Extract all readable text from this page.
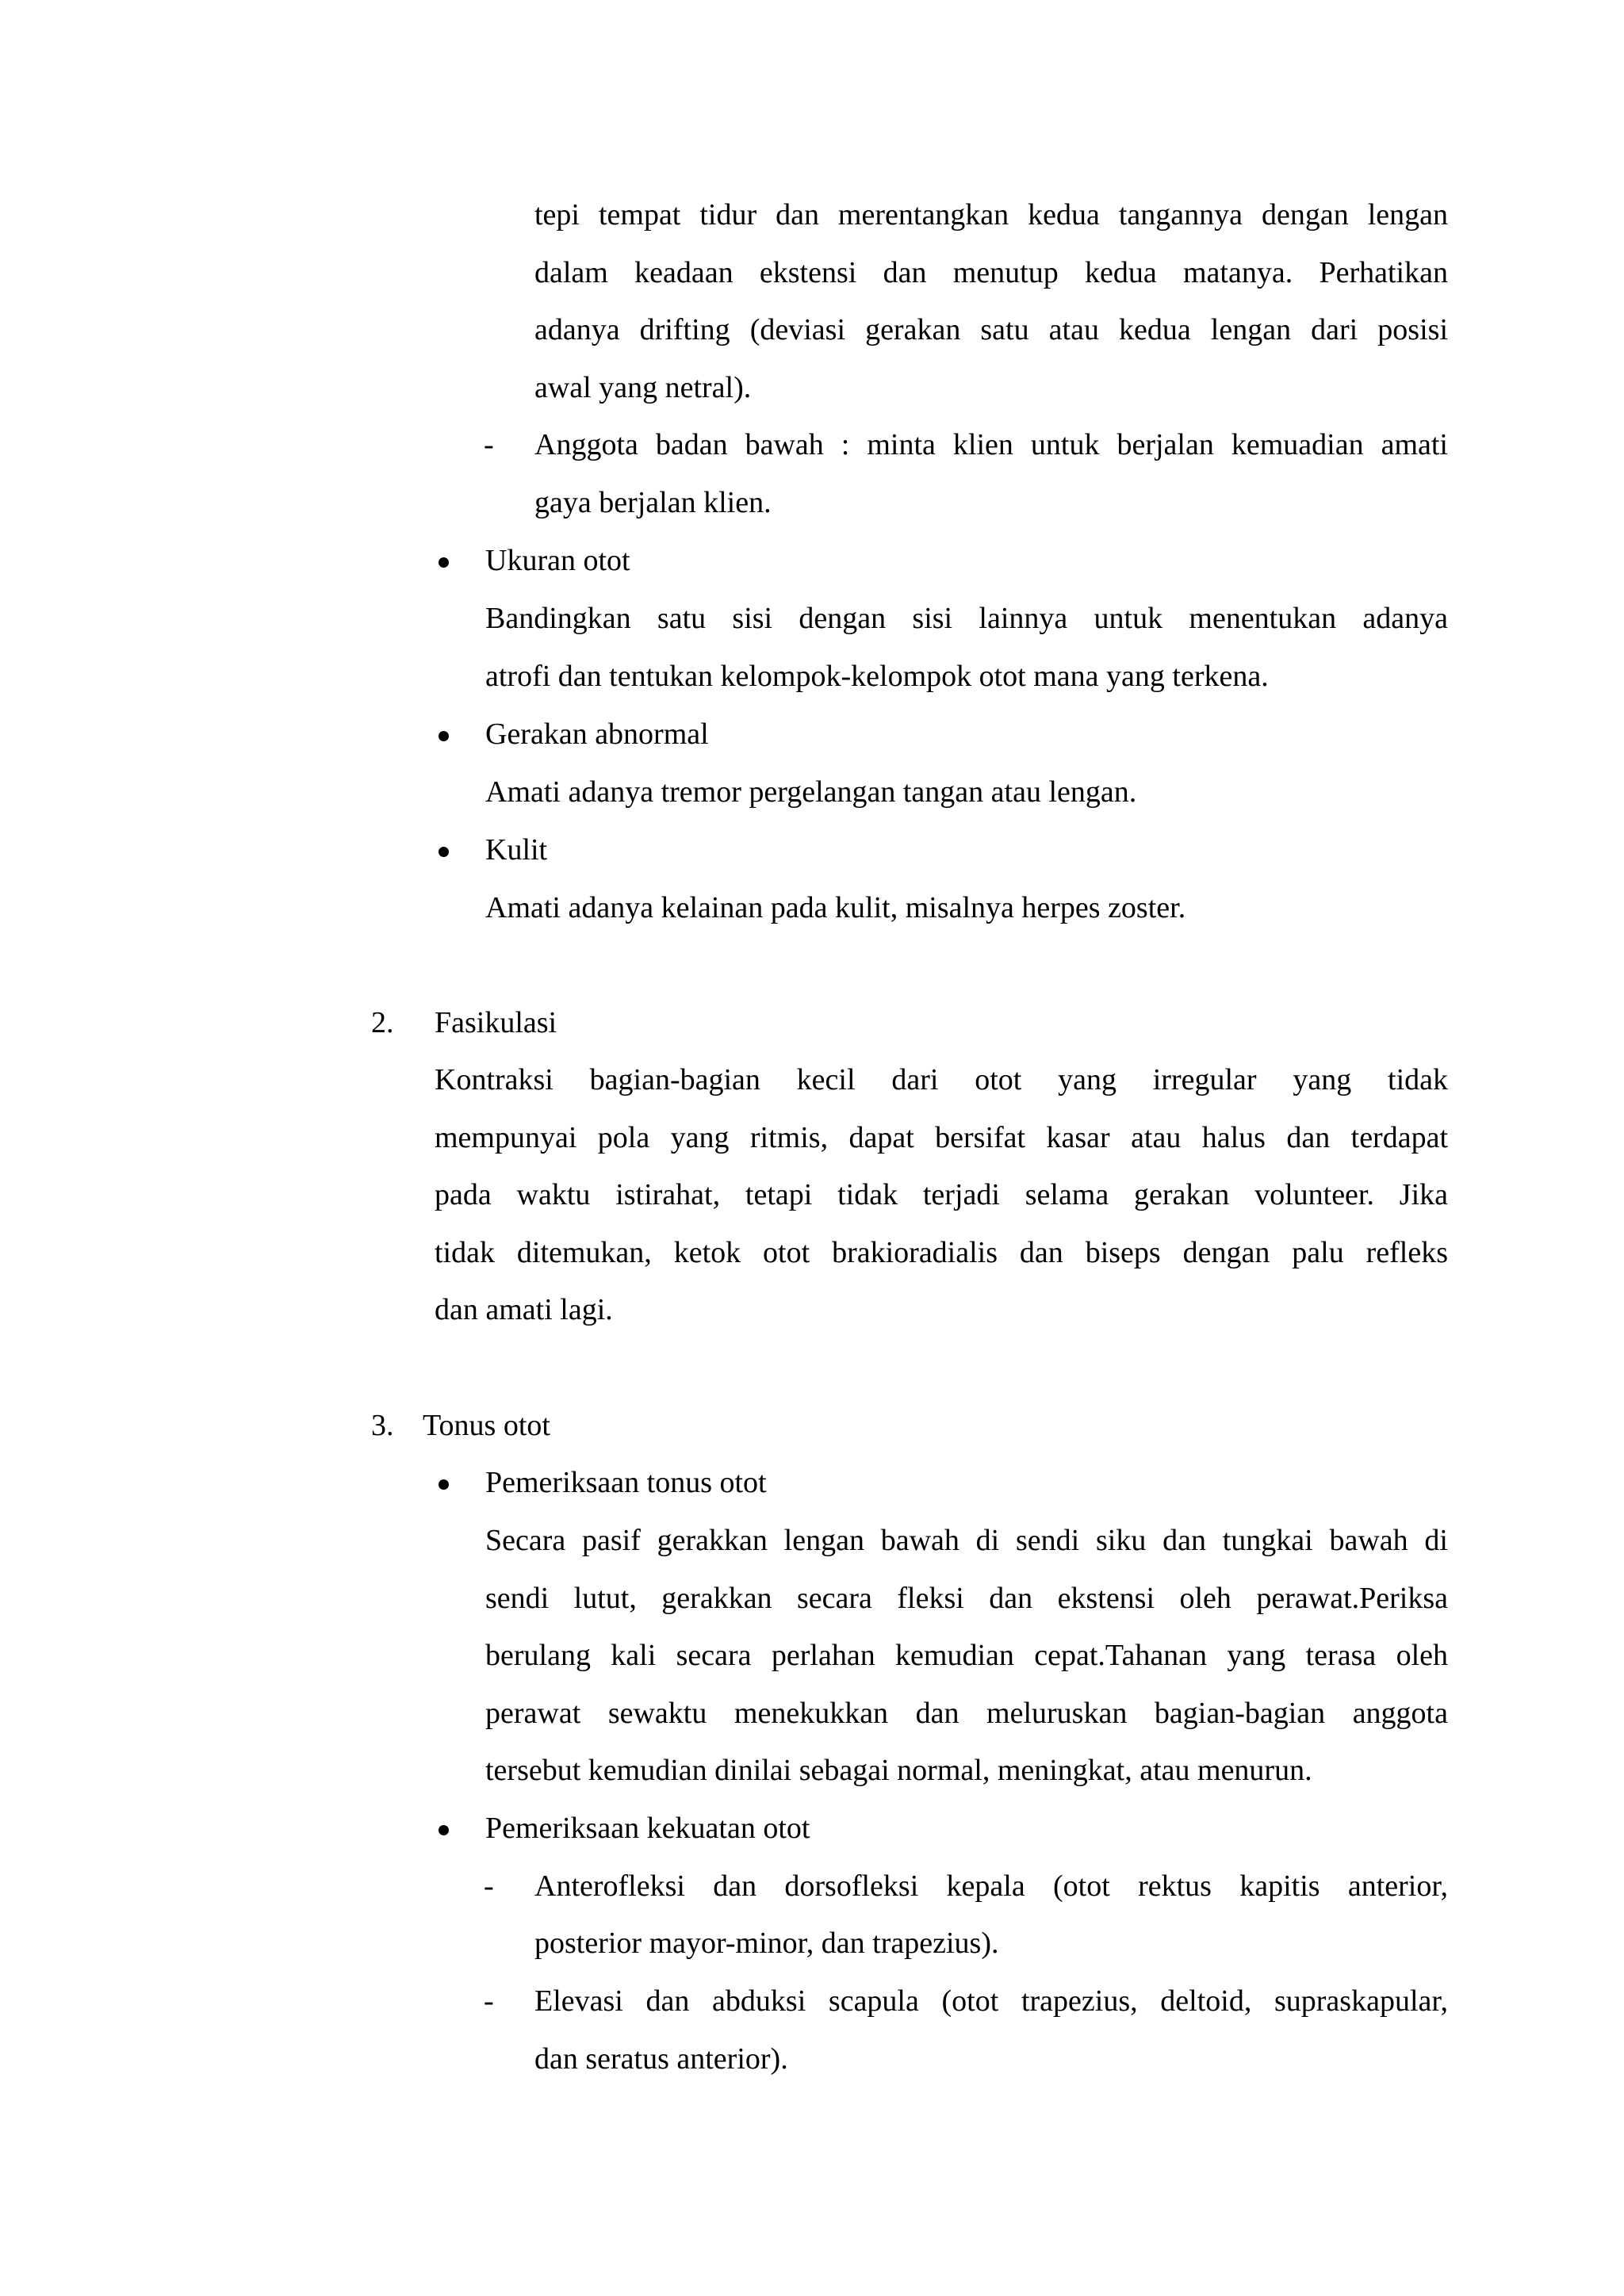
tepi tempat tidur dan merentangkan kedua tangannya dengan lengan
dalam keadaan ekstensi dan menutup kedua matanya. Perhatikan
adanya drifting (deviasi gerakan satu atau kedua lengan dari posisi
awal yang netral).
- Anggota badan bawah : minta klien untuk berjalan kemuadian amati
gaya berjalan klien.
Ukuran otot
Bandingkan satu sisi dengan sisi lainnya untuk menentukan adanya
atrofi dan tentukan kelompok-kelompok otot mana yang terkena.
Gerakan abnormal
Amati adanya tremor pergelangan tangan atau lengan.
Kulit
Amati adanya kelainan pada kulit, misalnya herpes zoster.
2. Fasikulasi
Kontraksi bagian-bagian kecil dari otot yang irregular yang tidak
mempunyai pola yang ritmis, dapat bersifat kasar atau halus dan terdapat
pada waktu istirahat, tetapi tidak terjadi selama gerakan volunteer. Jika
tidak ditemukan, ketok otot brakioradialis dan biseps dengan palu refleks
dan amati lagi.
3. Tonus otot
Pemeriksaan tonus otot
Secara pasif gerakkan lengan bawah di sendi siku dan tungkai bawah di
sendi lutut, gerakkan secara fleksi dan ekstensi oleh perawat.Periksa
berulang kali secara perlahan kemudian cepat.Tahanan yang terasa oleh
perawat sewaktu menekukkan dan meluruskan bagian-bagian anggota
tersebut kemudian dinilai sebagai normal, meningkat, atau menurun.
Pemeriksaan kekuatan otot
- Anterofleksi dan dorsofleksi kepala (otot rektus kapitis anterior,
posterior mayor-minor, dan trapezius).
- Elevasi dan abduksi scapula (otot trapezius, deltoid, supraskapular,
dan seratus anterior).
